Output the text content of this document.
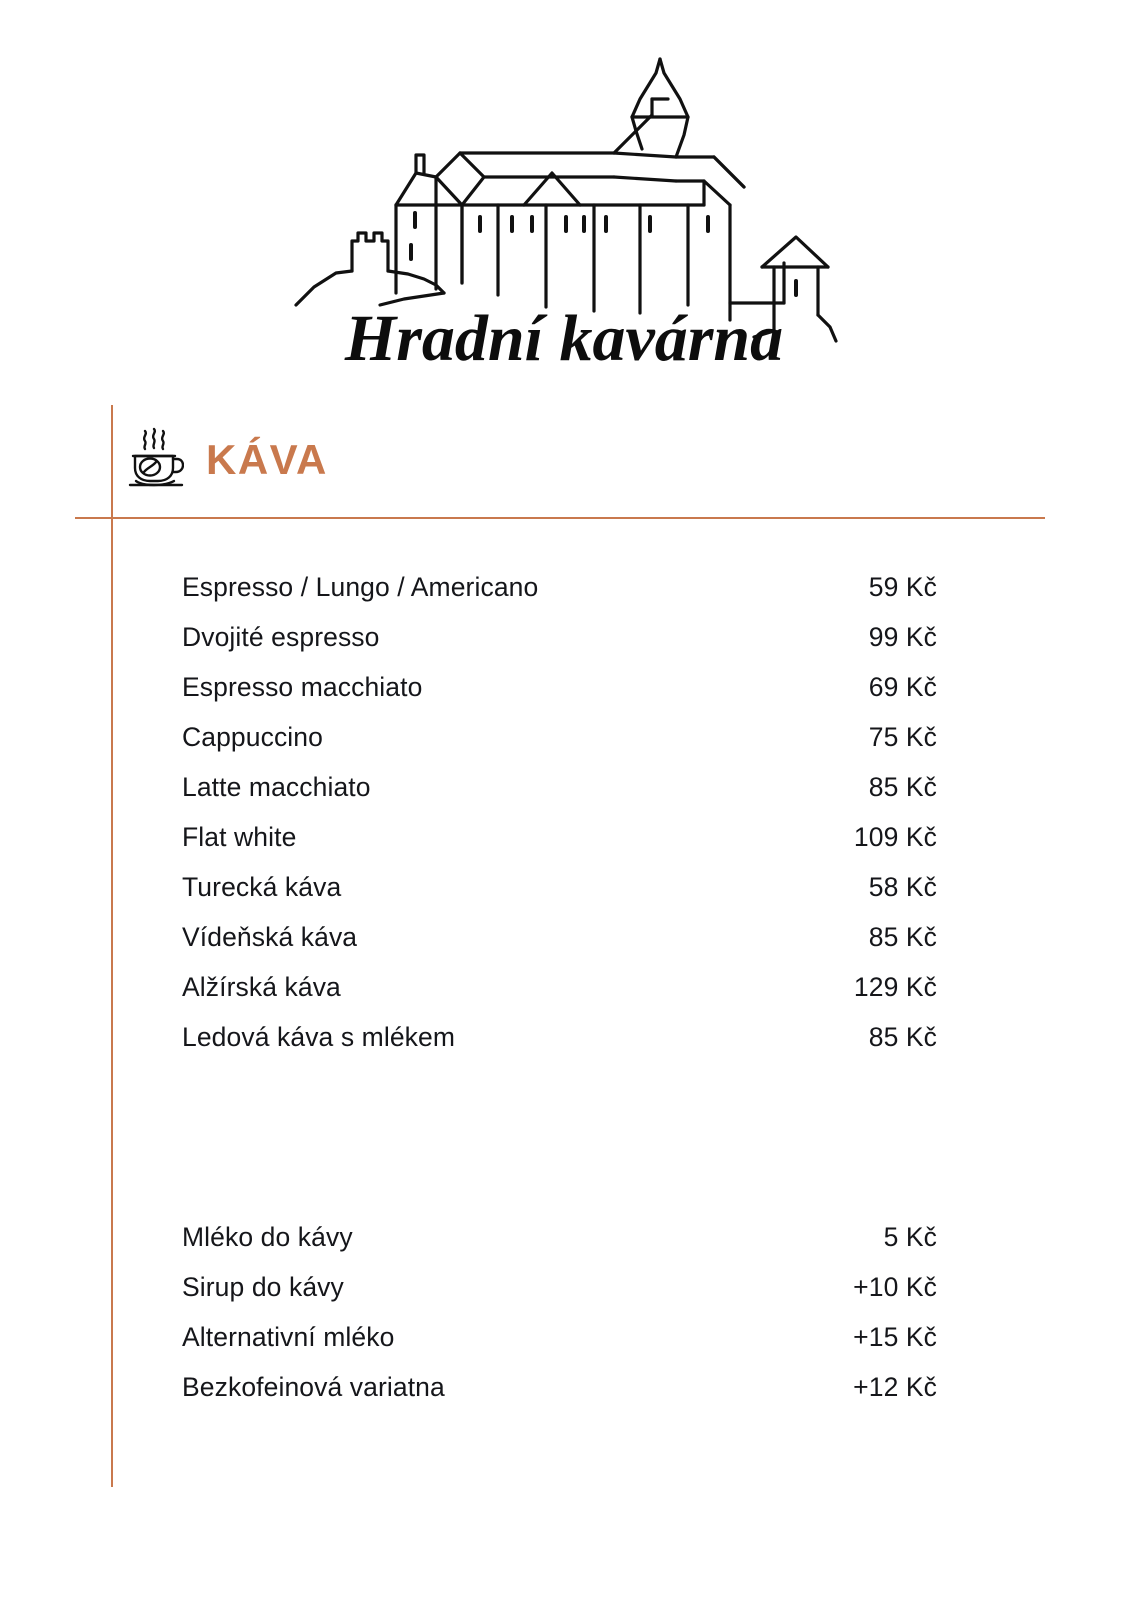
Hradní kavárna
KÁVA
Espresso / Lungo / Americano	59 Kč
Dvojité espresso	99 Kč
Espresso macchiato	69 Kč
Cappuccino	75 Kč
Latte macchiato	85 Kč
Flat white	109 Kč
Turecká káva	58 Kč
Vídeňská káva	85 Kč
Alžírská káva	129 Kč
Ledová káva s mlékem	85 Kč
Mléko do kávy	5 Kč
Sirup do kávy	+10 Kč
Alternativní mléko	+15 Kč
Bezkofeinová variatna	+12 Kč
